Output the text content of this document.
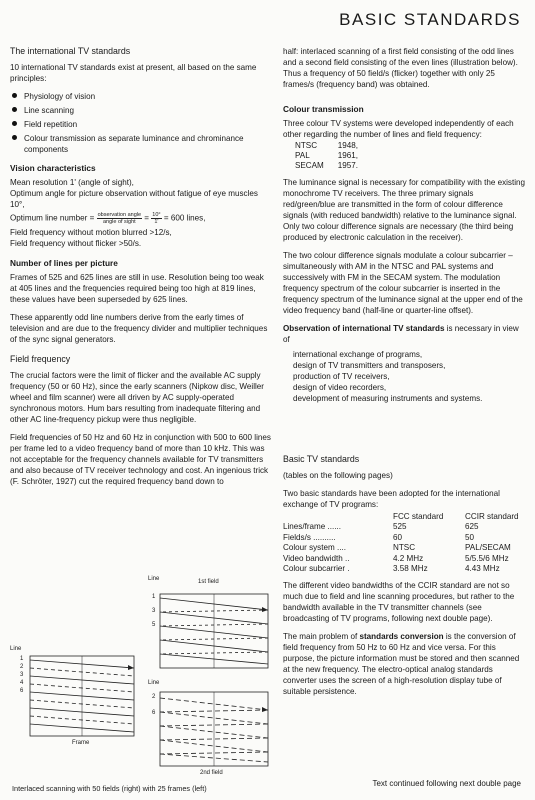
BASIC STANDARDS
The international TV standards

10 international TV standards exist at present, all based on the same principles:

Physiology of vision
Line scanning
Field repetition
Colour transmission as separate luminance and chrominance components
Vision characteristics
Mean resolution 1' (angle of sight),
Optimum angle for picture observation without fatigue of eye muscles 10°,
Optimum line number = $\frac{\text{observation angle}}{\text{angle of sight}} = \frac{10^\circ}{1'} = 600$ lines,
Field frequency without motion blurred >12/s,
Field frequency without flicker >50/s.
Number of lines per picture

Frames of 525 and 625 lines are still in use. Resolution being too weak at 405 lines and the frequencies required being too high at 819 lines, these values have been superseded by 625 lines.

These apparently odd line numbers derive from the early times of television and are due to the frequency divider and multiplier techniques of the sync signal generators.

Field frequency

The crucial factors were the limit of flicker and the available AC supply frequency (50 or 60 Hz), since the early scanners (Nipkow disc, Weiller wheel and film scanner) were all driven by AC supply-operated synchronous motors. Hum bars resulting from inadequate filtering and other AC line-frequency pickup were thus negligible.

Field frequencies of 50 Hz and 60 Hz in conjunction with 500 to 600 lines per frame led to a video frequency band of more than 10 kHz. This was not acceptable for the frequency channels available for TV transmitters and also because of TV receiver technology and cost. An ingenious trick (F. Schröter, 1927) cut the required frequency band down to

half: interlaced scanning of a first field consisting of the odd lines and a second field consisting of the even lines (illustration below). Thus a frequency of 50 field/s (flicker) together with only 25 frames/s (frequency band) was obtained.

Colour transmission

Three colour TV systems were developed independently of each other regarding the number of lines and field frequency:

NTSC	1948,
PAL	1961,
SECAM	1957.

The luminance signal is necessary for compatibility with the existing monochrome TV receivers. The three primary signals red/green/blue are transmitted in the form of colour difference signals (with reduced bandwidth) relative to the luminance signal. Only two colour difference signals are necessary (the third being produced by electronic calculation in the receiver).

The two colour difference signals modulate a colour subcarrier – simultaneously with AM in the NTSC and PAL systems and successively with FM in the SECAM system. The modulation frequency spectrum of the colour subcarrier is inserted in the frequency spectrum of the luminance signal at the upper end of the video frequency band (half-line or quarter-line offset).

Observation of international TV standards is necessary in view of

international exchange of programs,
design of TV transmitters and transposers,
production of TV receivers,
design of video recorders,
development of measuring instruments and systems.
Basic TV standards

(tables on the following pages)

Two basic standards have been adopted for the international exchange of TV programs:

	FCC standard	CCIR standard
Lines/frame ......	525	625
Fields/s ..........	60	50
Colour system ....	NTSC	PAL/SECAM
Video bandwidth ..	4.2 MHz	5/5.5/6 MHz
Colour subcarrier .	3.58 MHz	4.43 MHz

The different video bandwidths of the CCIR standard are not so much due to field and line scanning procedures, but rather to the bandwidth available in the TV transmitter channels (see broadcasting of TV programs, following next double page).

The main problem of standards conversion is the conversion of field frequency from 50 Hz to 60 Hz and vice versa. For this purpose, the picture information must be stored and then scanned at the new frequency. The electro-optical analog standards converter uses the screen of a high-resolution display tube of suitable persistence.

Line	1st field
1
3
5
Line
1
2
3
4
6
Frame
Line
2
6
2nd field
Interlaced scanning with 50 fields (right) with 25 frames (left)
Text continued following next double page
